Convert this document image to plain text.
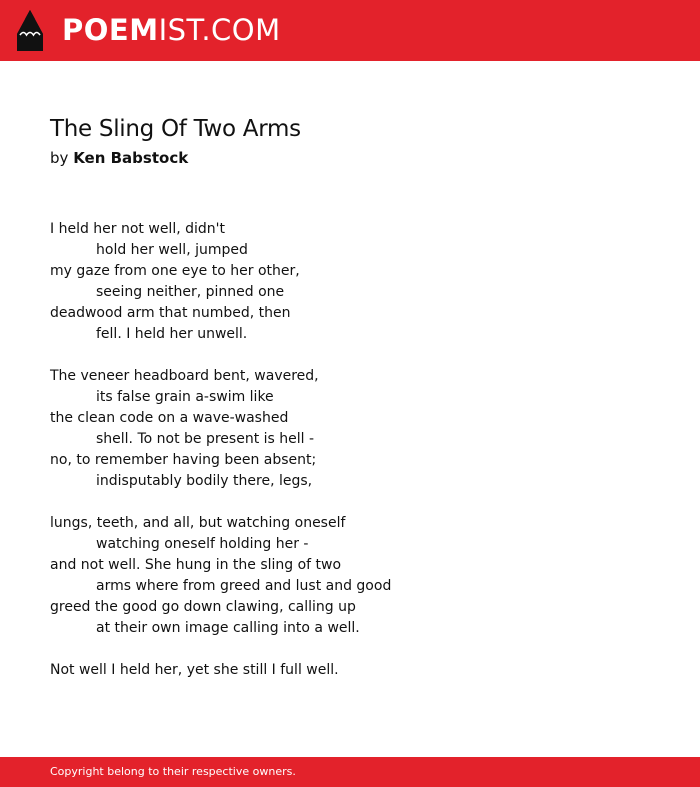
POEMIST.COM
The Sling Of Two Arms
by Ken Babstock
I held her not well, didn't
hold her well, jumped
my gaze from one eye to her other,
seeing neither, pinned one
deadwood arm that numbed, then
fell. I held her unwell.
The veneer headboard bent, wavered,
its false grain a-swim like
the clean code on a wave-washed
shell. To not be present is hell -
no, to remember having been absent;
indisputably bodily there, legs,
lungs, teeth, and all, but watching oneself
watching oneself holding her -
and not well. She hung in the sling of two
arms where from greed and lust and good
greed the good go down clawing, calling up
at their own image calling into a well.
Not well I held her, yet she still I full well.
Copyright belong to their respective owners.
